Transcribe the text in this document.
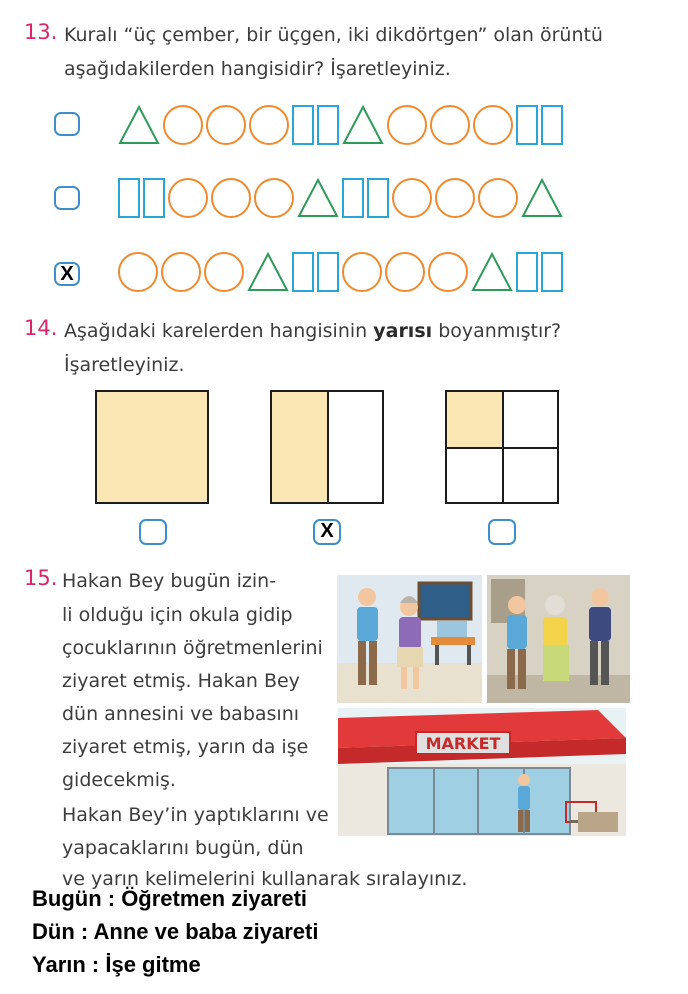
13. Kuralı “üç çember, bir üçgen, iki dikdörtgen” olan örüntü
aşağıdakilerden hangisidir? İşaretleyiniz.
X
14. Aşağıdaki karelerden hangisinin yarısı boyanmıştır?
İşaretleyiniz.
X
15. Hakan Bey bugün izin-
li olduğu için okula gidip
çocuklarının öğretmenlerini
ziyaret etmiş. Hakan Bey
dün annesini ve babasını
ziyaret etmiş, yarın da işe
gidecekmiş.
Hakan Bey’in yaptıklarını ve
yapacaklarını bugün, dün
ve yarın kelimelerini kullanarak sıralayınız.
MARKET
Bugün : Öğretmen ziyareti
Dün : Anne ve baba ziyareti
Yarın : İşe gitme
